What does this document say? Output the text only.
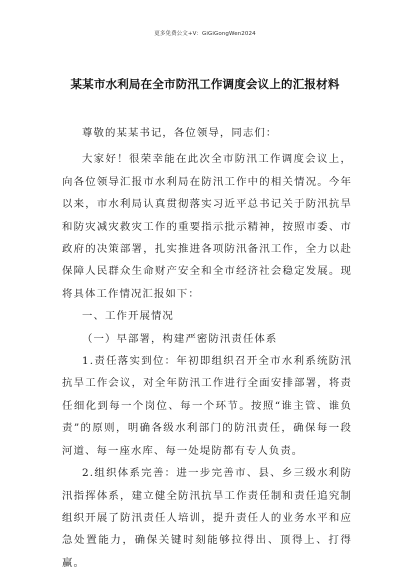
更多免费公文+V：GiGiGongWen2024
某某市水利局在全市防汛工作调度会议上的汇报材料

尊敬的某某书记，各位领导，同志们：

大家好！很荣幸能在此次全市防汛工作调度会议上，向各位领导汇报市水利局在防汛工作中的相关情况。今年以来，市水利局认真贯彻落实习近平总书记关于防汛抗旱和防灾减灾救灾工作的重要指示批示精神，按照市委、市政府的决策部署，扎实推进各项防汛备汛工作，全力以赴保障人民群众生命财产安全和全市经济社会稳定发展。现将具体工作情况汇报如下：

一、工作开展情况

（一）早部署，构建严密防汛责任体系

1.责任落实到位：年初即组织召开全市水利系统防汛抗旱工作会议，对全年防汛工作进行全面安排部署，将责任细化到每一个岗位、每一个环节。按照“谁主管、谁负责”的原则，明确各级水利部门的防汛责任，确保每一段河道、每一座水库、每一处堤防都有专人负责。

2.组织体系完善：进一步完善市、县、乡三级水利防汛指挥体系，建立健全防汛抗旱工作责任制和责任追究制组织开展了防汛责任人培训，提升责任人的业务水平和应急处置能力，确保关键时刻能够拉得出、顶得上、打得赢。
